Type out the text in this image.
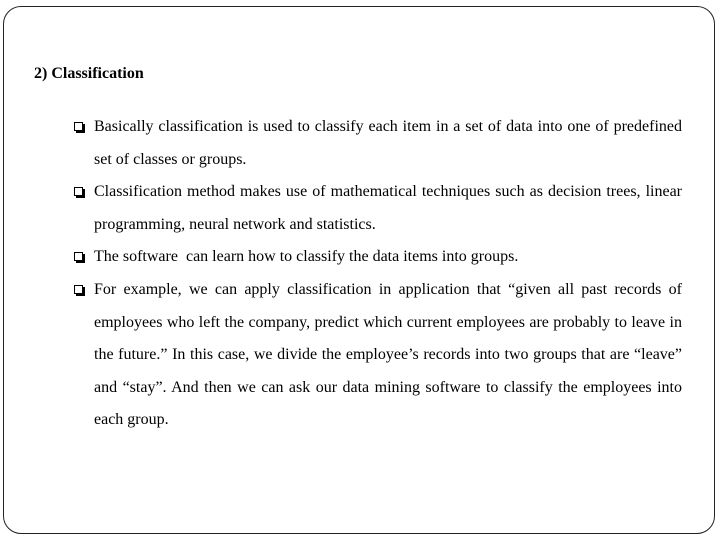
2) Classification
Basically classification is used to classify each item in a set of data into one of predefined set of classes or groups.
Classification method makes use of mathematical techniques such as decision trees, linear programming, neural network and statistics.
The software  can learn how to classify the data items into groups.
For example, we can apply classification in application that “given all past records of employees who left the company, predict which current employees are probably to leave in the future.” In this case, we divide the employee’s records into two groups that are “leave” and “stay”. And then we can ask our data mining software to classify the employees into each group.
